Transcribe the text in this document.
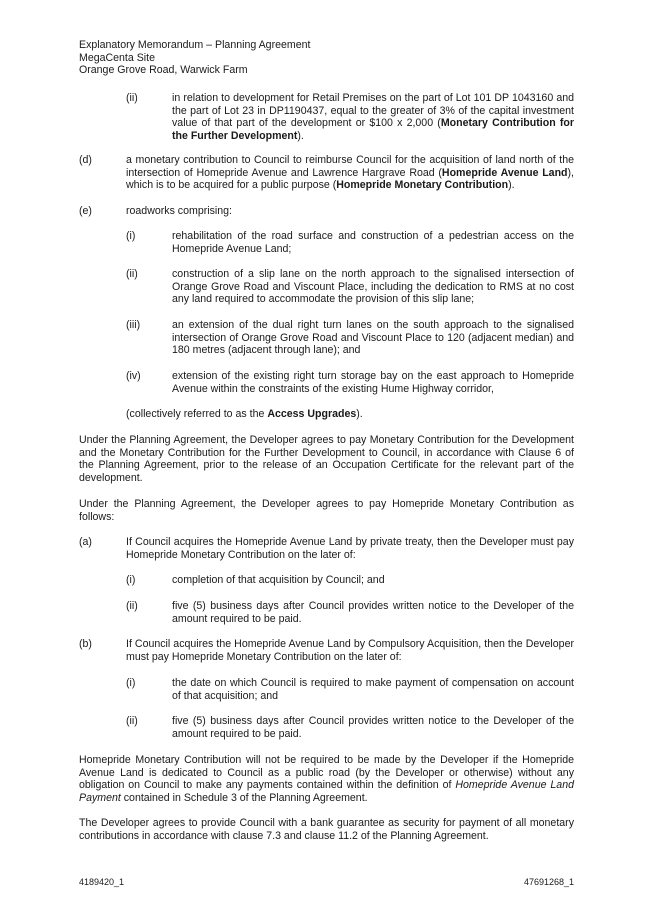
Explanatory Memorandum – Planning Agreement
MegaCenta Site
Orange Grove Road, Warwick Farm
(ii)	in relation to development for Retail Premises on the part of Lot 101 DP 1043160 and the part of Lot 23 in DP1190437, equal to the greater of 3% of the capital investment value of that part of the development or $100 x 2,000 (Monetary Contribution for the Further Development).
(d)	a monetary contribution to Council to reimburse Council for the acquisition of land north of the intersection of Homepride Avenue and Lawrence Hargrave Road (Homepride Avenue Land), which is to be acquired for a public purpose (Homepride Monetary Contribution).
(e)	roadworks comprising:
(i)	rehabilitation of the road surface and construction of a pedestrian access on the Homepride Avenue Land;
(ii)	construction of a slip lane on the north approach to the signalised intersection of Orange Grove Road and Viscount Place, including the dedication to RMS at no cost any land required to accommodate the provision of this slip lane;
(iii)	an extension of the dual right turn lanes on the south approach to the signalised intersection of Orange Grove Road and Viscount Place to 120 (adjacent median) and 180 metres (adjacent through lane); and
(iv)	extension of the existing right turn storage bay on the east approach to Homepride Avenue within the constraints of the existing Hume Highway corridor,
(collectively referred to as the Access Upgrades).
Under the Planning Agreement, the Developer agrees to pay Monetary Contribution for the Development and the Monetary Contribution for the Further Development to Council, in accordance with Clause 6 of the Planning Agreement, prior to the release of an Occupation Certificate for the relevant part of the development.
Under the Planning Agreement, the Developer agrees to pay Homepride Monetary Contribution as follows:
(a)	If Council acquires the Homepride Avenue Land by private treaty, then the Developer must pay Homepride Monetary Contribution on the later of:
(i)	completion of that acquisition by Council; and
(ii)	five (5) business days after Council provides written notice to the Developer of the amount required to be paid.
(b)	If Council acquires the Homepride Avenue Land by Compulsory Acquisition, then the Developer must pay Homepride Monetary Contribution on the later of:
(i)	the date on which Council is required to make payment of compensation on account of that acquisition; and
(ii)	five (5) business days after Council provides written notice to the Developer of the amount required to be paid.
Homepride Monetary Contribution will not be required to be made by the Developer if the Homepride Avenue Land is dedicated to Council as a public road (by the Developer or otherwise) without any obligation on Council to make any payments contained within the definition of Homepride Avenue Land Payment contained in Schedule 3 of the Planning Agreement.
The Developer agrees to provide Council with a bank guarantee as security for payment of all monetary contributions in accordance with clause 7.3 and clause 11.2 of the Planning Agreement.
4189420_1	47691268_1
